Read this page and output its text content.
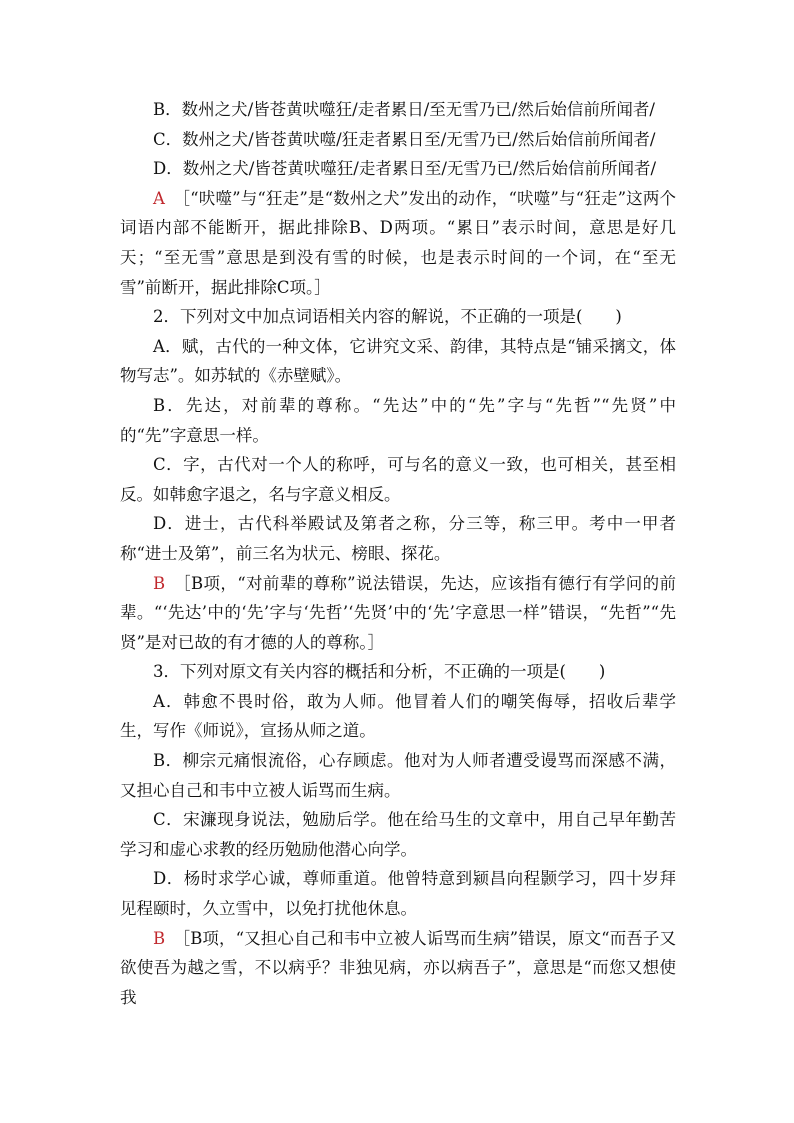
B．数州之犬/皆苍黄吠噬狂/走者累日/至无雪乃已/然后始信前所闻者/

C．数州之犬/皆苍黄吠噬/狂走者累日至/无雪乃已/然后始信前所闻者/

D．数州之犬/皆苍黄吠噬狂/走者累日至/无雪乃已/然后始信前所闻者/

A　 ［“吠噬”与“狂走”是“数州之犬”发出的动作，“吠噬”与“狂走”这两个词语内部不能断开，据此排除B、D两项。“累日”表示时间，意思是好几天；“至无雪”意思是到没有雪的时候，也是表示时间的一个词，在“至无雪”前断开，据此排除C项。］

2．下列对文中加点词语相关内容的解说，不正确的一项是(　　)

A．赋，古代的一种文体，它讲究文采、韵律，其特点是“铺采摛文，体物写志”。如苏轼的《赤壁赋》。

B．先达，对前辈的尊称。“先达”中的“先”字与“先哲”“先贤”中的“先”字意思一样。

C．字，古代对一个人的称呼，可与名的意义一致，也可相关，甚至相反。如韩愈字退之，名与字意义相反。

D．进士，古代科举殿试及第者之称，分三等，称三甲。考中一甲者称“进士及第”，前三名为状元、榜眼、探花。

B　 ［B项，“对前辈的尊称”说法错误，先达，应该指有德行有学问的前辈。“‘先达’中的‘先’字与‘先哲’‘先贤’中的‘先’字意思一样”错误，“先哲”“先贤”是对已故的有才德的人的尊称。］

3．下列对原文有关内容的概括和分析，不正确的一项是(　　)

A．韩愈不畏时俗，敢为人师。他冒着人们的嘲笑侮辱，招收后辈学生，写作《师说》，宣扬从师之道。

B．柳宗元痛恨流俗，心存顾虑。他对为人师者遭受谩骂而深感不满，又担心自己和韦中立被人诟骂而生病。

C．宋濂现身说法，勉励后学。他在给马生的文章中，用自己早年勤苦学习和虚心求教的经历勉励他潜心向学。

D．杨时求学心诚，尊师重道。他曾特意到颍昌向程颢学习，四十岁拜见程颐时，久立雪中，以免打扰他休息。

B　 ［B项，“又担心自己和韦中立被人诟骂而生病”错误，原文“而吾子又欲使吾为越之雪，不以病乎？非独见病，亦以病吾子”，意思是“而您又想使我
